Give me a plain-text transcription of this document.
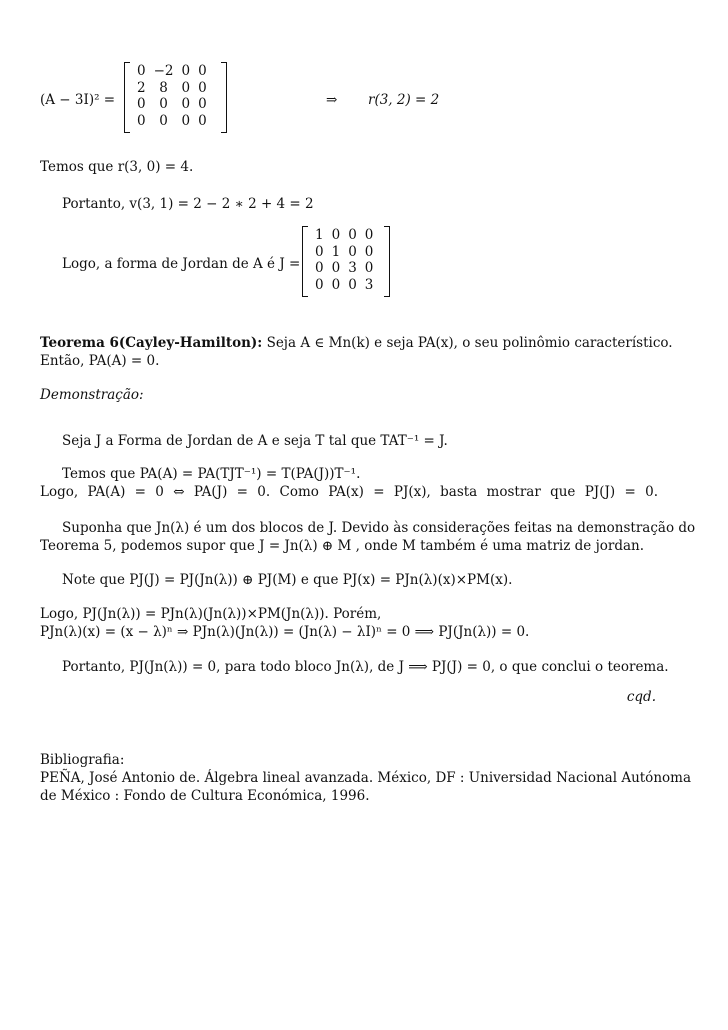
(A − 3I)² =
0	−2	0	0
2	8	0	0
0	0	0	0
0	0	0	0
⇒ r(3, 2) = 2
Temos que r(3, 0) = 4.
Portanto, v(3, 1) = 2 − 2 ∗ 2 + 4 = 2
Logo, a forma de Jordan de A é J =
1	0	0	0
0	1	0	0
0	0	3	0
0	0	0	3
Teorema 6(Cayley-Hamilton): Seja A ∈ Mn(k) e seja PA(x), o seu polinômio característico.
Então, PA(A) = 0.
Demonstração:
Seja J a Forma de Jordan de A e seja T tal que TAT⁻¹ = J.
Temos que PA(A) = PA(TJT⁻¹) = T(PA(J))T⁻¹.
Logo, PA(A) = 0 ⇔ PA(J) = 0. Como PA(x) = PJ(x), basta mostrar que PJ(J) = 0.
Suponha que Jn(λ) é um dos blocos de J. Devido às considerações feitas na demonstração do
Teorema 5, podemos supor que J = Jn(λ) ⊕ M , onde M também é uma matriz de jordan.
Note que PJ(J) = PJ(Jn(λ)) ⊕ PJ(M) e que PJ(x) = PJn(λ)(x)×PM(x).
Logo, PJ(Jn(λ)) = PJn(λ)(Jn(λ))×PM(Jn(λ)). Porém,
PJn(λ)(x) = (x − λ)ⁿ ⇒ PJn(λ)(Jn(λ)) = (Jn(λ) − λI)ⁿ = 0 ⟹ PJ(Jn(λ)) = 0.
Portanto, PJ(Jn(λ)) = 0, para todo bloco Jn(λ), de J ⟹ PJ(J) = 0, o que conclui o teorema.
cqd.
Bibliografia:
PEÑA, José Antonio de. Álgebra lineal avanzada. México, DF : Universidad Nacional Autónoma
de México : Fondo de Cultura Económica, 1996.
